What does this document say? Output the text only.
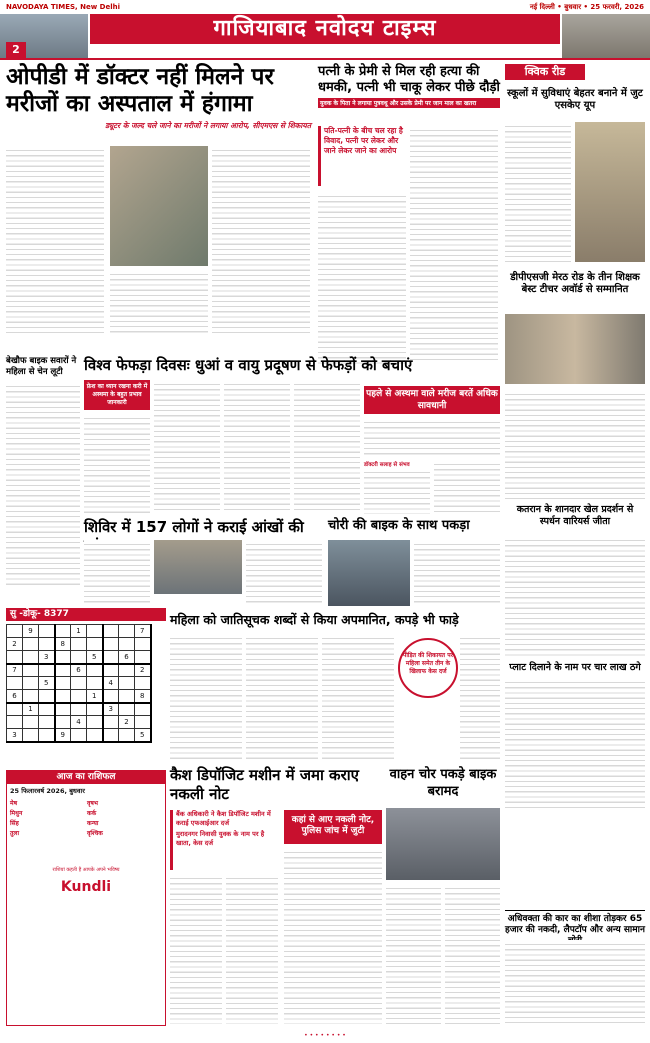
NAVODAYA TIMES, New Delhi	नई दिल्ली • बुधवार • 25 फरवरी, 2026
गाजियाबाद नवोदय टाइम्स
2
ओपीडी में डॉक्टर नहीं मिलने पर मरीजों का अस्पताल में हंगामा
ड्यूटर के जल्द चले जाने का मरीजों ने लगाया आरोप, सीएमएस से शिकायत
पत्नी के प्रेमी से मिल रही हत्या की धमकी, पत्नी भी चाकू लेकर पीछे दौड़ी
युवक के पिता ने लगाया पुत्रवधू और उसके प्रेमी पर जान माल का खतरा
पति-पत्नी के बीच चल रहा है विवाद, पत्नी पर लेकर और जाने लेकर जाने का आरोप
क्विक रीड
स्कूलों में सुविधाएं बेहतर बनाने में जुट एसकेए यूप
डीपीएसजी मेरठ रोड के तीन शिक्षक बेस्ट टीचर अवॉर्ड से सम्मानित
कतरान के शानदार खेल प्रदर्शन से स्पर्धन वारियर्स जीता
प्लाट दिलाने के नाम पर चार लाख ठगे
अधिवक्ता की कार का शीशा तोड़कर 65 हजार की नकदी, लैपटॉप और अन्य सामान
बेखौफ बाइक सवारों ने महिला से चेन लूटी	विश्व फेफड़ा दिवसः धुआं व वायु प्रदूषण से फेफड़ों को बचाएं
फ्रेश का ध्यान रखना करी में अस्थमा के बहुत प्रभाव जानकारी
पहले से अस्थमा वाले मरीज बरतें अधिक सावधानी
डॉक्टरी सलाह से संभव
शिविर में 157 लोगों ने कराई आंखों की	चोरी की बाइक के साथ पकड़ा
सु -डोकू- 8377
	9			1				7
2			8					
		3			5		6	
7				6				2
		5				4		
6					1			8
	1					3		
				4			2	
3			9					5
महिला को जातिसूचक शब्दों से किया अपमानित, कपड़े भी फाड़े
पीड़ित की शिकायत पर महिला समेत तीन के खिलाफ केस दर्ज
आज का राशिफल
25 फिलारवर्ष 2026, बुधवार
मेष	वृषभ
मिथुन	कर्क
सिंह	कन्या
तुला	वृश्चिक
Kundli
राशियां कहती है आपके अपने भविष्य
कैश डिपॉजिट मशीन में जमा कराए नकली नोट
बैंक अधिकारी ने कैश डिपॉजिट मशीन में कराई एफआईआर दर्ज
मुरादनगर निवासी युवक के नाम पर है खाता, केस दर्ज
कहां से आए नकली नोट, पुलिस जांच में जुटी
वाहन चोर पकड़े बाइक बरामद
• • • • • • • •
